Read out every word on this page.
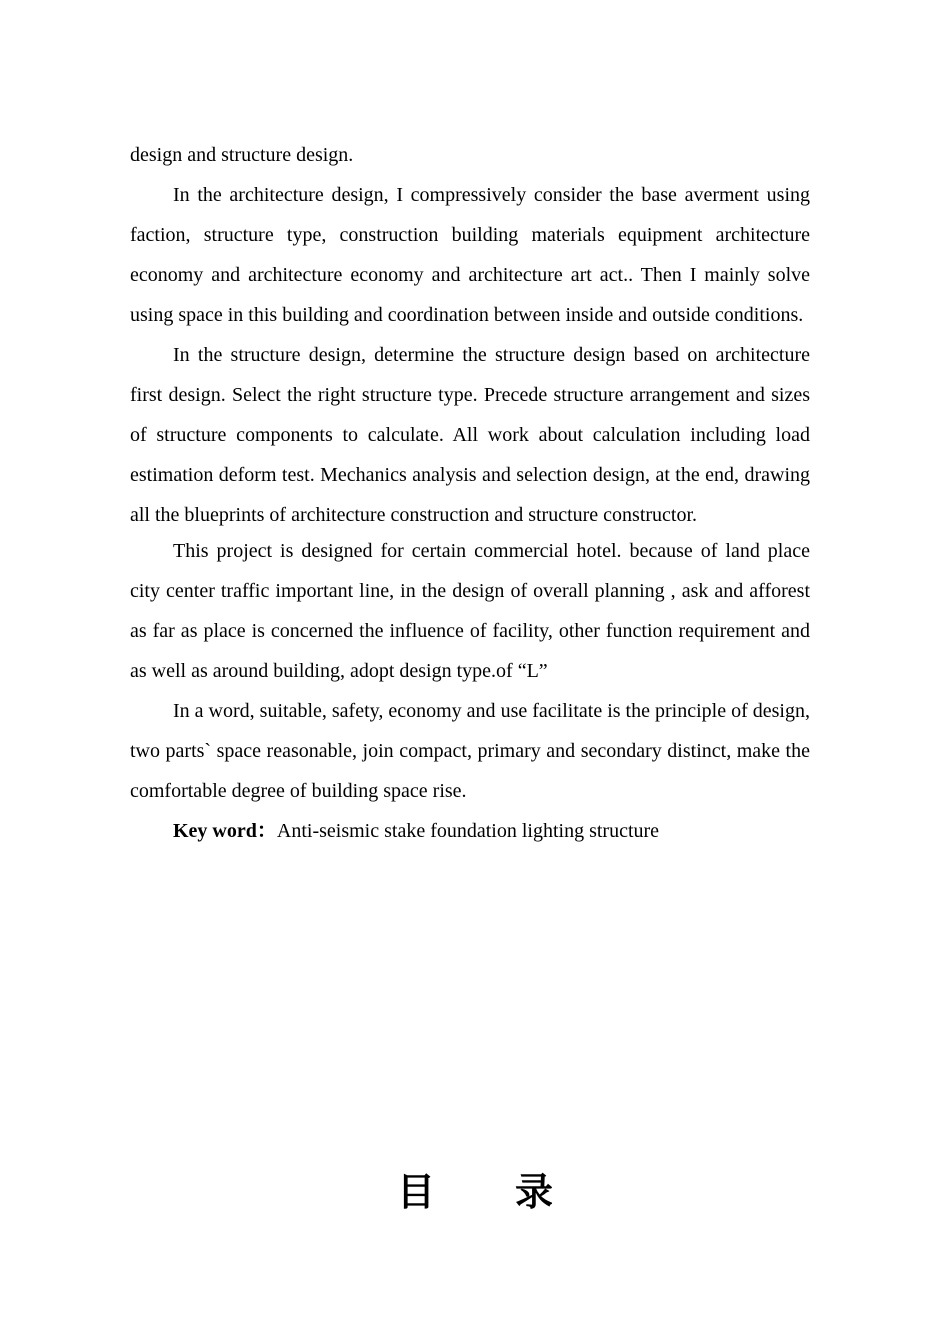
design and structure design.

In the architecture design, I compressively consider the base averment using faction, structure type, construction building materials equipment architecture economy and architecture economy and architecture art act.. Then I mainly solve using space in this building and coordination between inside and outside conditions.

In the structure design, determine the structure design based on architecture first design. Select the right structure type. Precede structure arrangement and sizes of structure components to calculate. All work about calculation including load estimation deform test. Mechanics analysis and selection design, at the end, drawing all the blueprints of architecture construction and structure constructor.

This project is designed for certain commercial hotel. because of land place city center traffic important line, in the design of overall planning , ask and afforest as far as place is concerned the influence of facility, other function requirement and as well as around building, adopt design type.of “L”

In a word, suitable, safety, economy and use facilitate is the principle of design, two parts` space reasonable, join compact, primary and secondary distinct, make the comfortable degree of building space rise.

Key word：Anti-seismic stake foundation lighting structure

目 录
